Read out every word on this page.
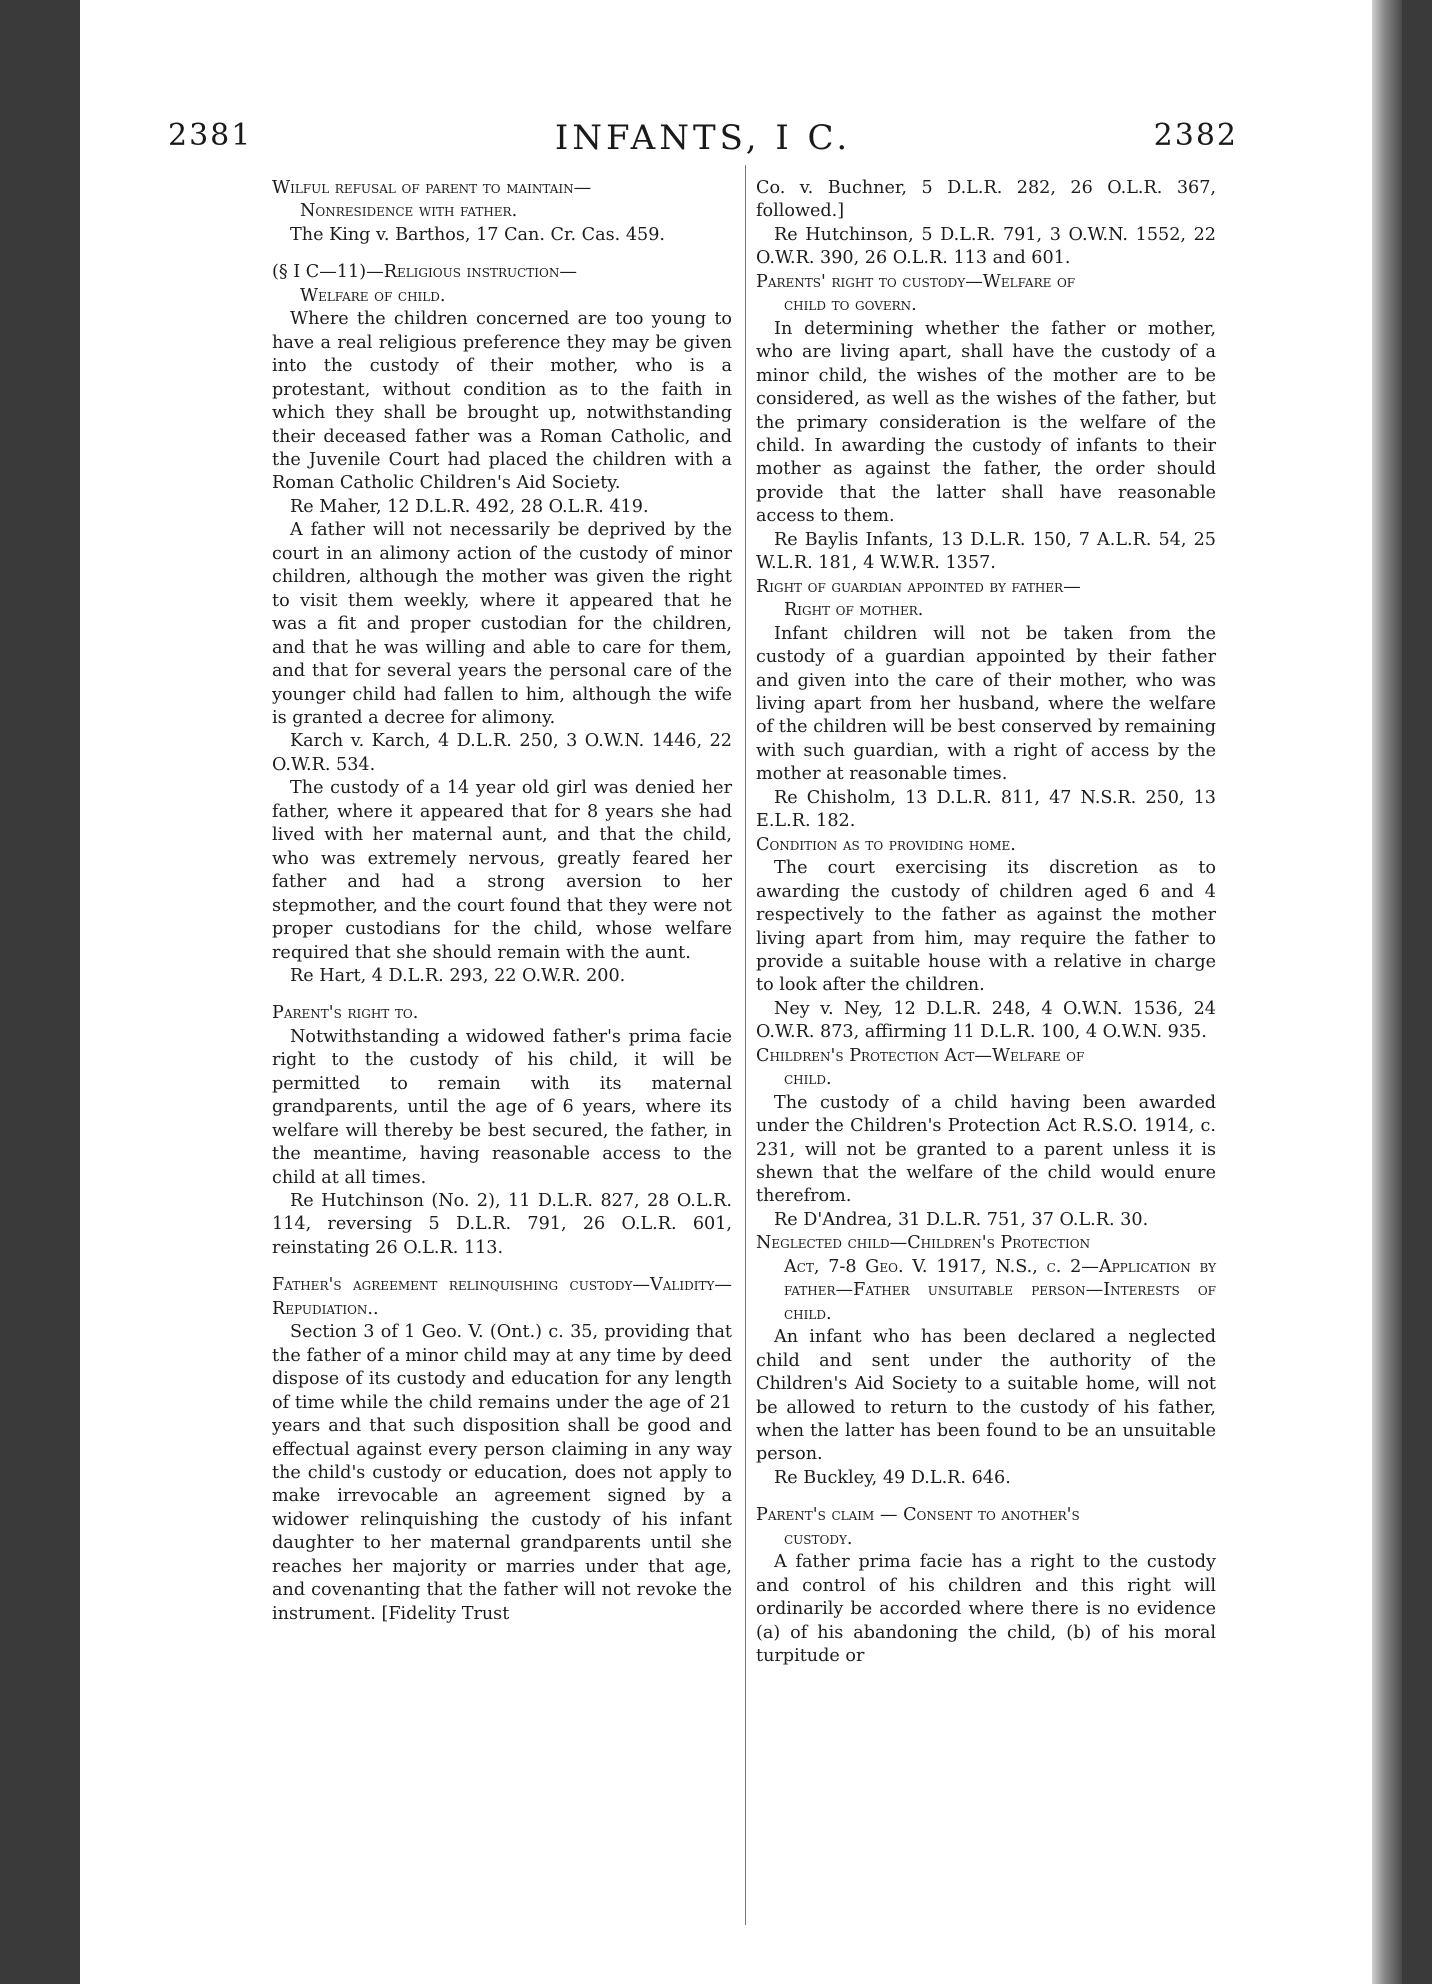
2381	INFANTS, I C.	2382

Wilful refusal of parent to maintain—
Nonresidence with father.

The King v. Barthos, 17 Can. Cr. Cas. 459.

(§ I C—11)—Religious instruction—
Welfare of child.

Where the children concerned are too young to have a real religious preference they may be given into the custody of their mother, who is a protestant, without condition as to the faith in which they shall be brought up, notwithstanding their deceased father was a Roman Catholic, and the Juvenile Court had placed the children with a Roman Catholic Children's Aid Society.

Re Maher, 12 D.L.R. 492, 28 O.L.R. 419.

A father will not necessarily be deprived by the court in an alimony action of the custody of minor children, although the mother was given the right to visit them weekly, where it appeared that he was a fit and proper custodian for the children, and that he was willing and able to care for them, and that for several years the personal care of the younger child had fallen to him, although the wife is granted a decree for alimony.

Karch v. Karch, 4 D.L.R. 250, 3 O.W.N. 1446, 22 O.W.R. 534.

The custody of a 14 year old girl was denied her father, where it appeared that for 8 years she had lived with her maternal aunt, and that the child, who was extremely nervous, greatly feared her father and had a strong aversion to her stepmother, and the court found that they were not proper custodians for the child, whose welfare required that she should remain with the aunt.

Re Hart, 4 D.L.R. 293, 22 O.W.R. 200.

Parent's right to.

Notwithstanding a widowed father's prima facie right to the custody of his child, it will be permitted to remain with its maternal grandparents, until the age of 6 years, where its welfare will thereby be best secured, the father, in the meantime, having reasonable access to the child at all times.

Re Hutchinson (No. 2), 11 D.L.R. 827, 28 O.L.R. 114, reversing 5 D.L.R. 791, 26 O.L.R. 601, reinstating 26 O.L.R. 113.

Father's agreement relinquishing custody—Validity—Repudiation..

Section 3 of 1 Geo. V. (Ont.) c. 35, providing that the father of a minor child may at any time by deed dispose of its custody and education for any length of time while the child remains under the age of 21 years and that such disposition shall be good and effectual against every person claiming in any way the child's custody or education, does not apply to make irrevocable an agreement signed by a widower relinquishing the custody of his infant daughter to her maternal grandparents until she reaches her majority or marries under that age, and covenanting that the father will not revoke the instrument. [Fidelity Trust

Co. v. Buchner, 5 D.L.R. 282, 26 O.L.R. 367, followed.]

Re Hutchinson, 5 D.L.R. 791, 3 O.W.N. 1552, 22 O.W.R. 390, 26 O.L.R. 113 and 601.

Parents' right to custody—Welfare of
child to govern.

In determining whether the father or mother, who are living apart, shall have the custody of a minor child, the wishes of the mother are to be considered, as well as the wishes of the father, but the primary consideration is the welfare of the child. In awarding the custody of infants to their mother as against the father, the order should provide that the latter shall have reasonable access to them.

Re Baylis Infants, 13 D.L.R. 150, 7 A.L.R. 54, 25 W.L.R. 181, 4 W.W.R. 1357.

Right of guardian appointed by father—
Right of mother.

Infant children will not be taken from the custody of a guardian appointed by their father and given into the care of their mother, who was living apart from her husband, where the welfare of the children will be best conserved by remaining with such guardian, with a right of access by the mother at reasonable times.

Re Chisholm, 13 D.L.R. 811, 47 N.S.R. 250, 13 E.L.R. 182.

Condition as to providing home.

The court exercising its discretion as to awarding the custody of children aged 6 and 4 respectively to the father as against the mother living apart from him, may require the father to provide a suitable house with a relative in charge to look after the children.

Ney v. Ney, 12 D.L.R. 248, 4 O.W.N. 1536, 24 O.W.R. 873, affirming 11 D.L.R. 100, 4 O.W.N. 935.

Children's Protection Act—Welfare of
child.

The custody of a child having been awarded under the Children's Protection Act R.S.O. 1914, c. 231, will not be granted to a parent unless it is shewn that the welfare of the child would enure therefrom.

Re D'Andrea, 31 D.L.R. 751, 37 O.L.R. 30.

Neglected child—Children's Protection
Act, 7-8 Geo. V. 1917, N.S., c. 2—Application by father—Father unsuitable person—Interests of child.

An infant who has been declared a neglected child and sent under the authority of the Children's Aid Society to a suitable home, will not be allowed to return to the custody of his father, when the latter has been found to be an unsuitable person.

Re Buckley, 49 D.L.R. 646.

Parent's claim — Consent to another's
custody.

A father prima facie has a right to the custody and control of his children and this right will ordinarily be accorded where there is no evidence (a) of his abandoning the child, (b) of his moral turpitude or
